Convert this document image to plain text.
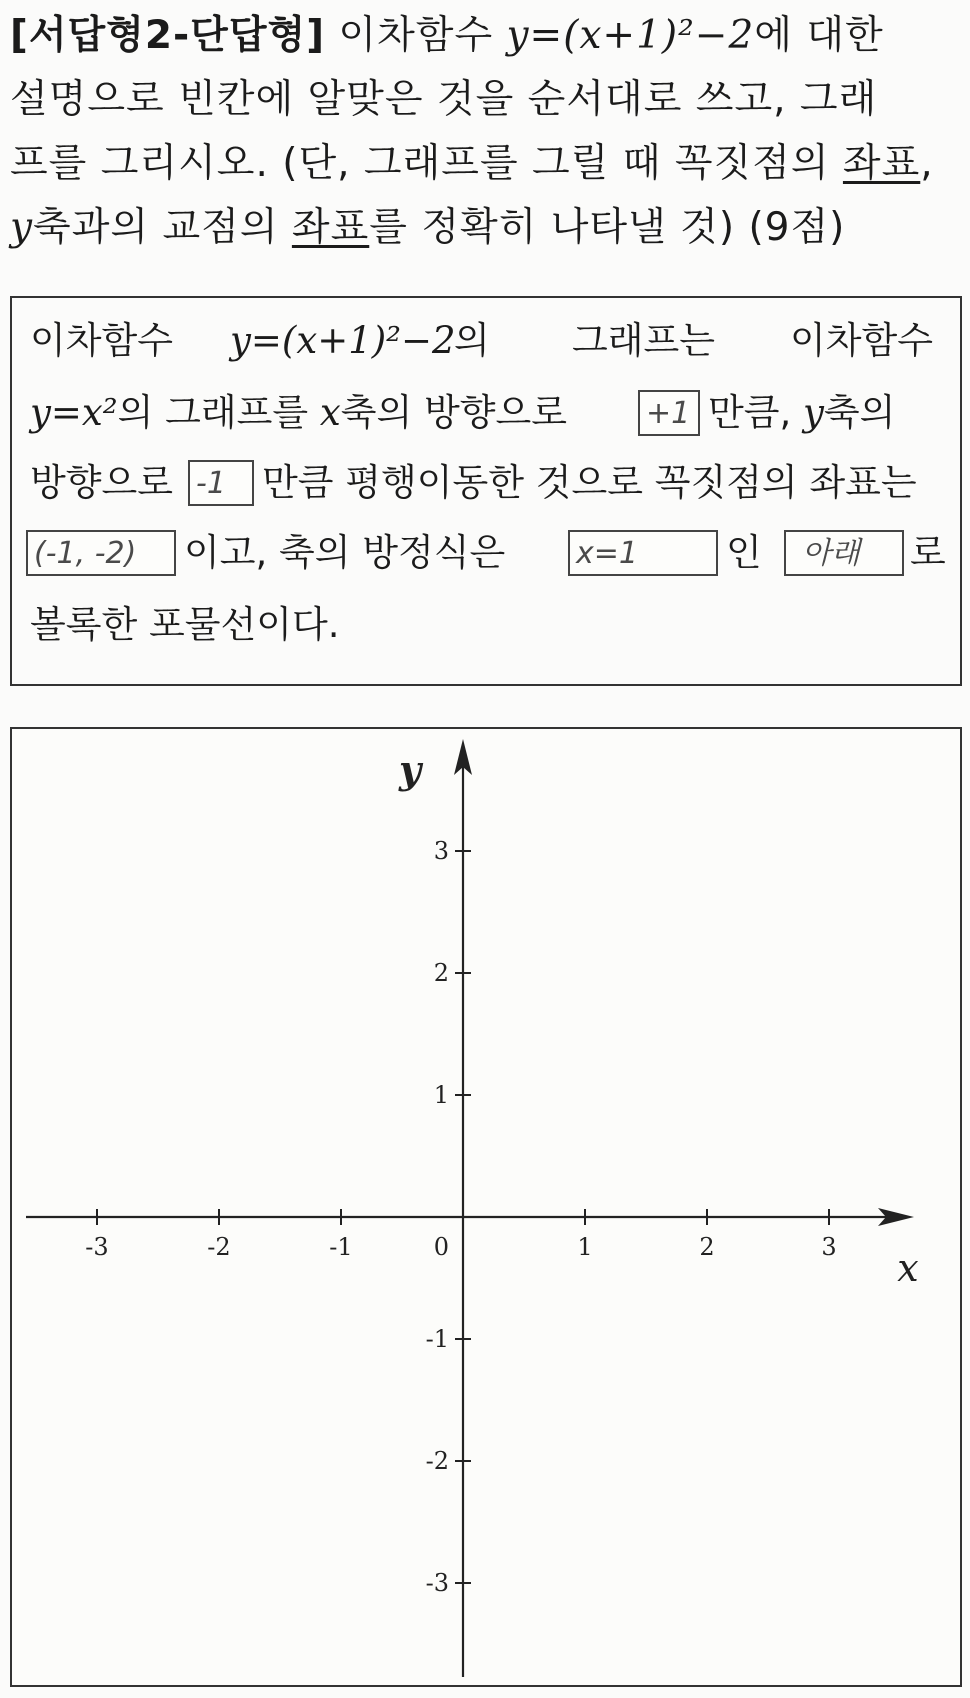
[서답형2-단답형] 이차함수 y=(x+1)²−2에 대한
설명으로 빈칸에 알맞은 것을 순서대로 쓰고, 그래
프를 그리시오. (단, 그래프를 그릴 때 꼭짓점의 좌표,
y축과의 교점의 좌표를 정확히 나타낼 것) (9점)
이차함수 y=(x+1)²−2
의 그래프는 이차함수
y=x²의 그래프를 x축의 방향으로	+1 만큼, y축의
방향으로 -1 만큼 평행이동한 것으로 꼭짓점의 좌표는
(-1, -2) 이고, 축의 방정식은 x=1 인 아래 로
볼록한 포물선이다.
-3	-2	-1	1	2	3
3
2
1
-1
-2
-3
0	x
y
